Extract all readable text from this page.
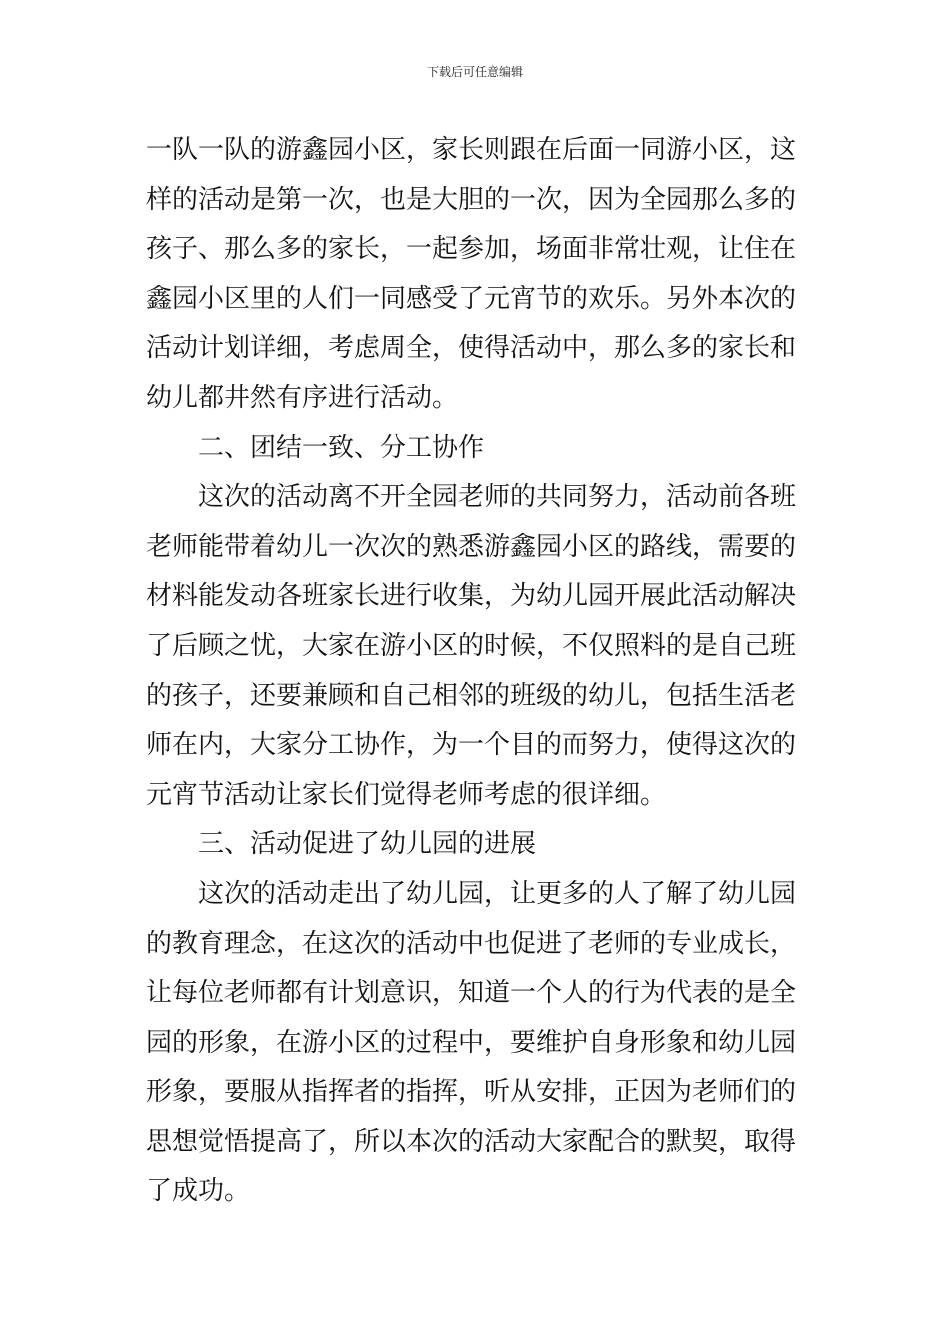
下载后可任意编辑
一队一队的游鑫园小区，家长则跟在后面一同游小区，这
样的活动是第一次，也是大胆的一次，因为全园那么多的
孩子、那么多的家长，一起参加，场面非常壮观，让住在
鑫园小区里的人们一同感受了元宵节的欢乐。另外本次的
活动计划详细，考虑周全，使得活动中，那么多的家长和
幼儿都井然有序进行活动。
二、团结一致、分工协作
这次的活动离不开全园老师的共同努力，活动前各班
老师能带着幼儿一次次的熟悉游鑫园小区的路线，需要的
材料能发动各班家长进行收集，为幼儿园开展此活动解决
了后顾之忧，大家在游小区的时候，不仅照料的是自己班
的孩子，还要兼顾和自己相邻的班级的幼儿，包括生活老
师在内，大家分工协作，为一个目的而努力，使得这次的
元宵节活动让家长们觉得老师考虑的很详细。
三、活动促进了幼儿园的进展
这次的活动走出了幼儿园，让更多的人了解了幼儿园
的教育理念，在这次的活动中也促进了老师的专业成长，
让每位老师都有计划意识，知道一个人的行为代表的是全
园的形象，在游小区的过程中，要维护自身形象和幼儿园
形象，要服从指挥者的指挥，听从安排，正因为老师们的
思想觉悟提高了，所以本次的活动大家配合的默契，取得
了成功。
